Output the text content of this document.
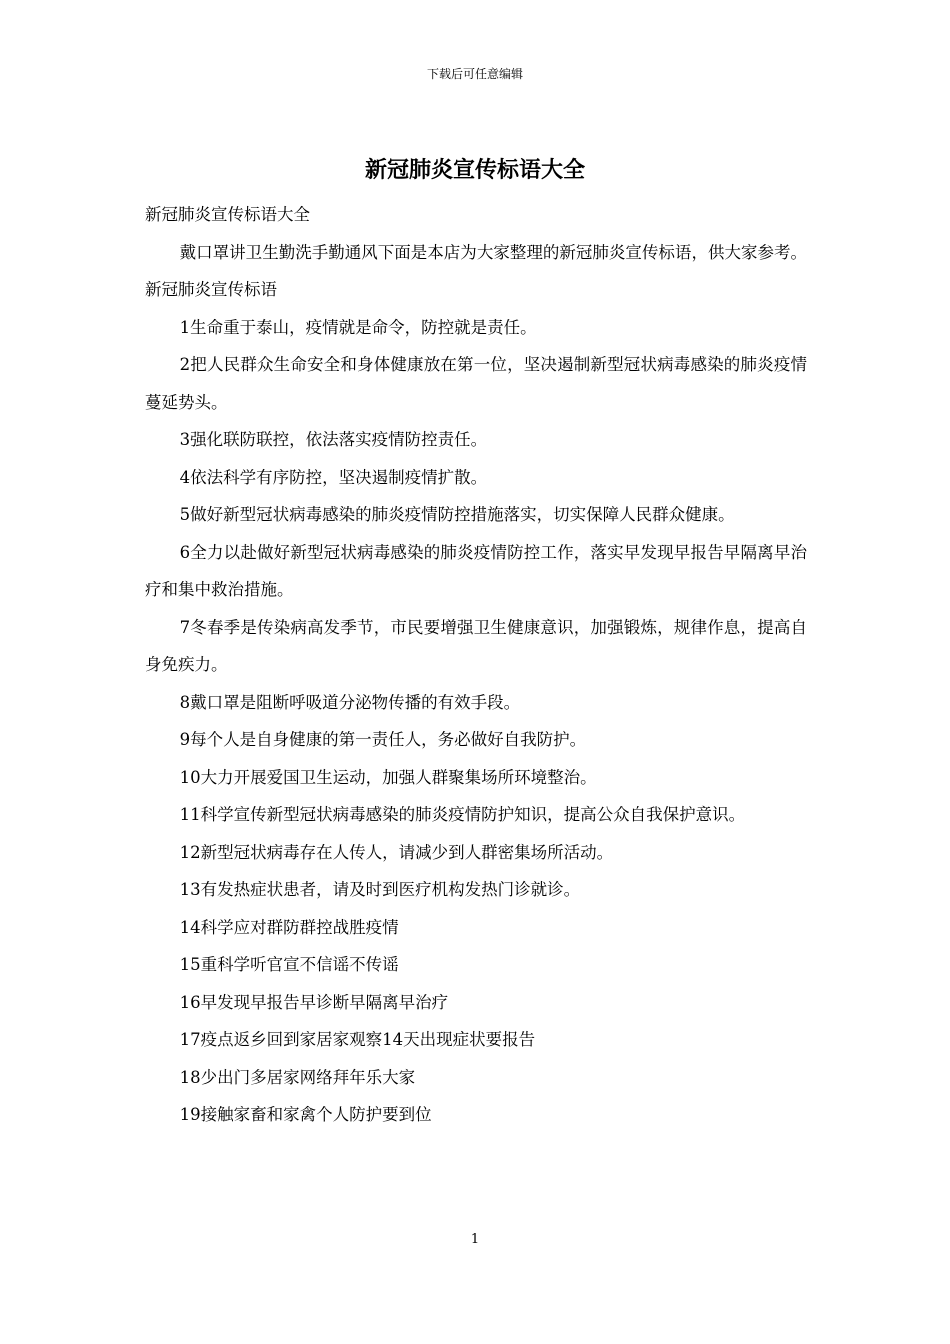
下载后可任意编辑
新冠肺炎宣传标语大全

新冠肺炎宣传标语大全

戴口罩讲卫生勤洗手勤通风下面是本店为大家整理的新冠肺炎宣传标语，供大家参考。新冠肺炎宣传标语

1生命重于泰山，疫情就是命令，防控就是责任。

2把人民群众生命安全和身体健康放在第一位，坚决遏制新型冠状病毒感染的肺炎疫情蔓延势头。

3强化联防联控，依法落实疫情防控责任。

4依法科学有序防控，坚决遏制疫情扩散。

5做好新型冠状病毒感染的肺炎疫情防控措施落实，切实保障人民群众健康。

6全力以赴做好新型冠状病毒感染的肺炎疫情防控工作，落实早发现早报告早隔离早治疗和集中救治措施。

7冬春季是传染病高发季节，市民要增强卫生健康意识，加强锻炼，规律作息，提高自身免疾力。

8戴口罩是阻断呼吸道分泌物传播的有效手段。

9每个人是自身健康的第一责任人，务必做好自我防护。

10大力开展爱国卫生运动，加强人群聚集场所环境整治。

11科学宣传新型冠状病毒感染的肺炎疫情防护知识，提高公众自我保护意识。

12新型冠状病毒存在人传人，请减少到人群密集场所活动。

13有发热症状患者，请及时到医疗机构发热门诊就诊。

14科学应对群防群控战胜疫情

15重科学听官宣不信谣不传谣

16早发现早报告早诊断早隔离早治疗

17疫点返乡回到家居家观察14天出现症状要报告

18少出门多居家网络拜年乐大家

19接触家畜和家禽个人防护要到位

1
